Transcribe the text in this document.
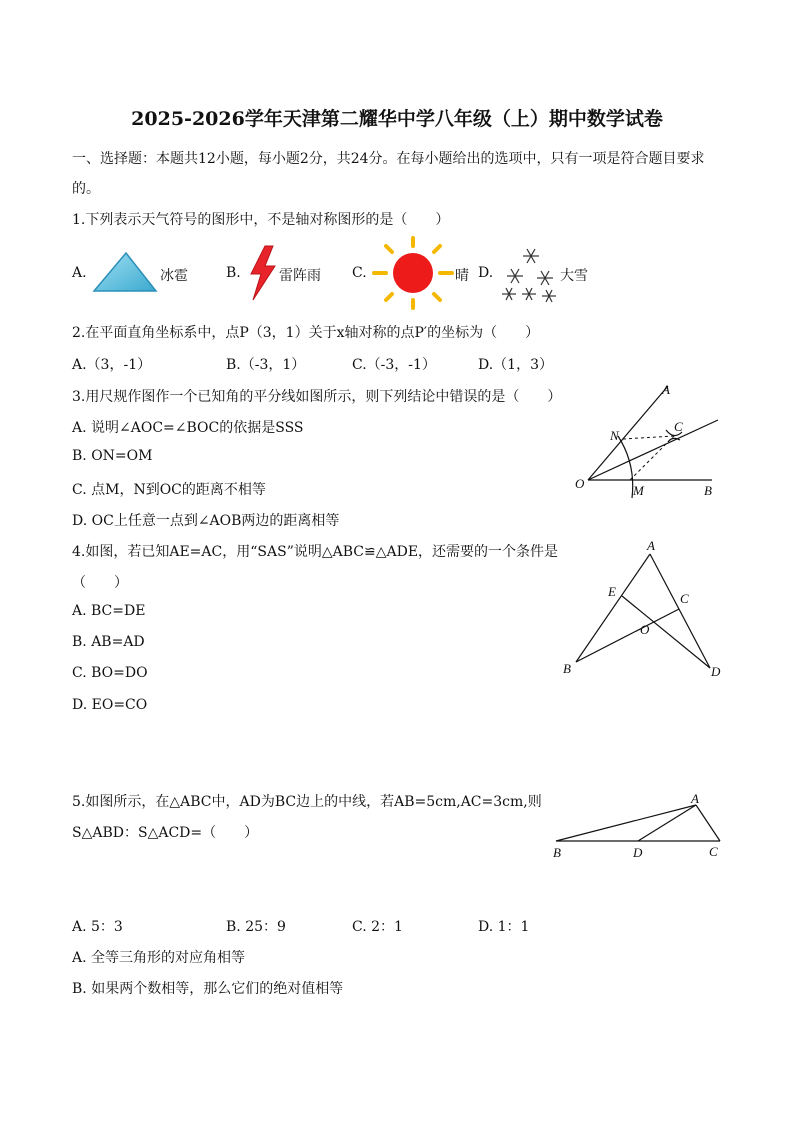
2025-2026学年天津第二耀华中学八年级（上）期中数学试卷
一、选择题：本题共12小题，每小题2分，共24分。在每小题给出的选项中，只有一项是符合题目要求
的。
1.下列表示天气符号的图形中，不是轴对称图形的是（　　）
A.	冰雹	B.	雷阵雨 C.	晴 D.	大雪
2.在平面直角坐标系中，点P（3，1）关于x轴对称的点P′的坐标为（　　）
A.（3，-1）	B.（-3，1）	C.（-3，-1）	D.（1，3）
3.用尺规作图作一个已知角的平分线如图所示，则下列结论中错误的是（　　）
A. 说明∠AOC=∠BOC的依据是SSS
B. ON=OM
C. 点M，N到OC的距离不相等
D. OC上任意一点到∠AOB两边的距离相等
A
N
C
O	M	B
4.如图，若已知AE=AC，用“SAS”说明△ABC≌△ADE，还需要的一个条件是
（　　）
A. BC=DE
B. AB=AD
C. BO=DO
D. EO=CO
A
E	C
O
B	D
5.如图所示，在△ABC中，AD为BC边上的中线，若AB=5cm,AC=3cm,则
S△ABD：S△ACD=（　　）
A
B	D	C
A. 5：3	B. 25：9	C. 2：1	D. 1：1
A. 全等三角形的对应角相等
B. 如果两个数相等，那么它们的绝对值相等
